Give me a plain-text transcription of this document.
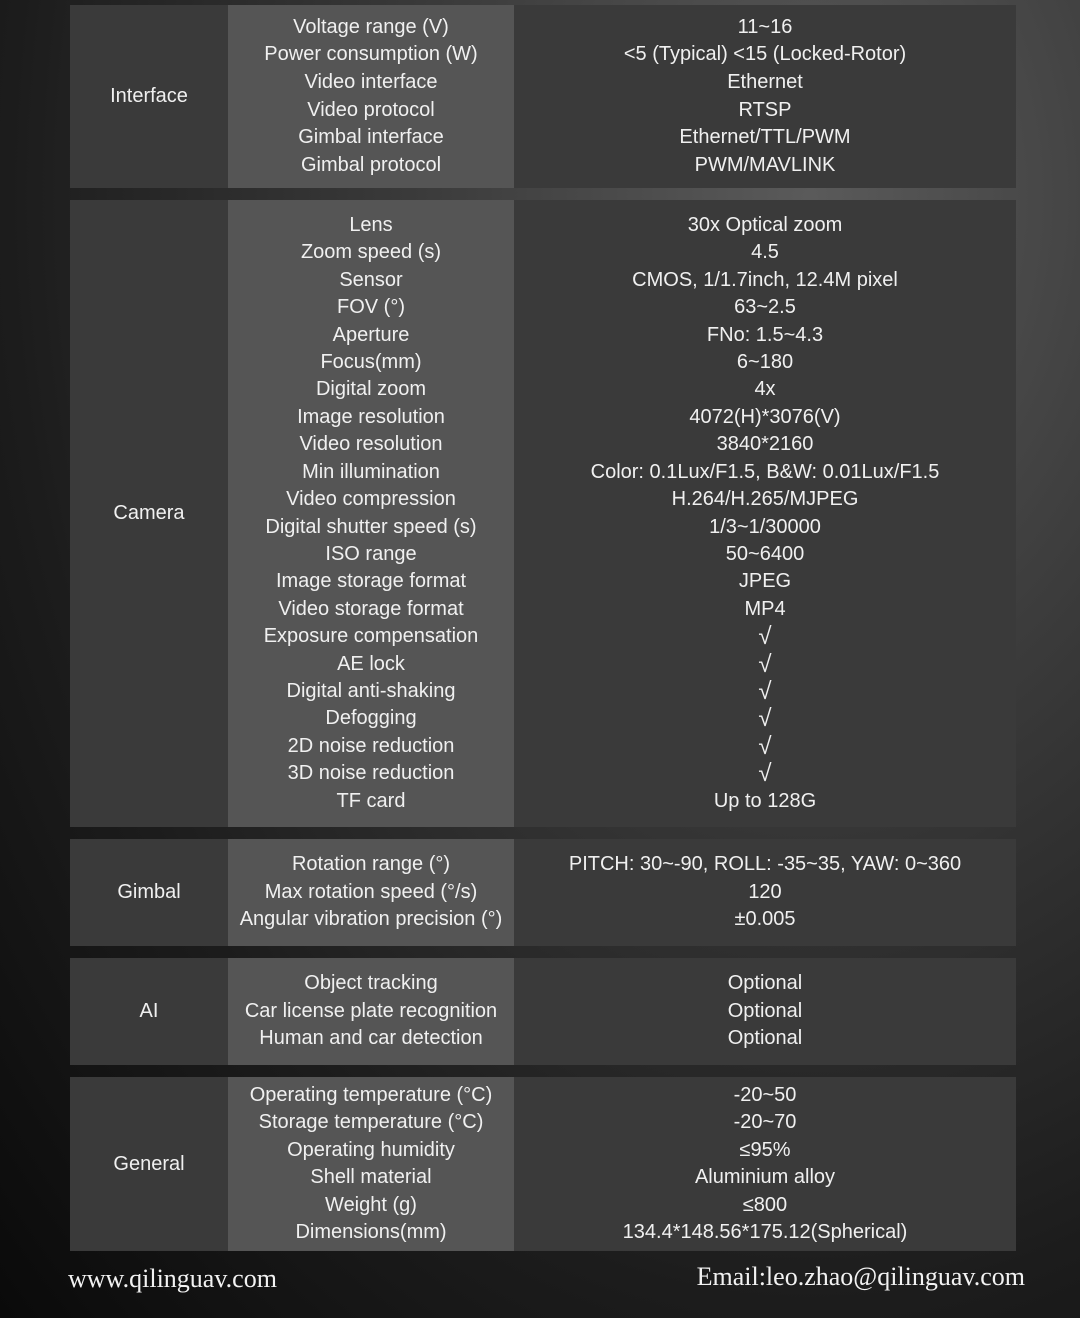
Interface
Voltage range (V)
Power consumption (W)
Video interface
Video protocol
Gimbal interface
Gimbal protocol
11~16
<5 (Typical) <15 (Locked-Rotor)
Ethernet
RTSP
Ethernet/TTL/PWM
PWM/MAVLINK
Camera
Lens
Zoom speed (s)
Sensor
FOV (°)
Aperture
Focus(mm)
Digital zoom
Image resolution
Video resolution
Min illumination
Video compression
Digital shutter speed (s)
ISO range
Image storage format
Video storage format
Exposure compensation
AE lock
Digital anti-shaking
Defogging
2D noise reduction
3D noise reduction
TF card
30x Optical zoom
4.5
CMOS, 1/1.7inch, 12.4M pixel
63~2.5
FNo: 1.5~4.3
6~180
4x
4072(H)*3076(V)
3840*2160
Color: 0.1Lux/F1.5, B&W: 0.01Lux/F1.5
H.264/H.265/MJPEG
1/3~1/30000
50~6400
JPEG
MP4
√
√
√
√
√
√
Up to 128G
Gimbal
Rotation range (°)
Max rotation speed (°/s)
Angular vibration precision (°)
PITCH: 30~-90, ROLL: -35~35, YAW: 0~360
120
±0.005
AI
Object tracking
Car license plate recognition
Human and car detection
Optional
Optional
Optional
General
Operating temperature (°C)
Storage temperature (°C)
Operating humidity
Shell material
Weight (g)
Dimensions(mm)
-20~50
-20~70
≤95%
Aluminium alloy
≤800
134.4*148.56*175.12(Spherical)
www.qilinguav.com	Email:leo.zhao@qilinguav.com
